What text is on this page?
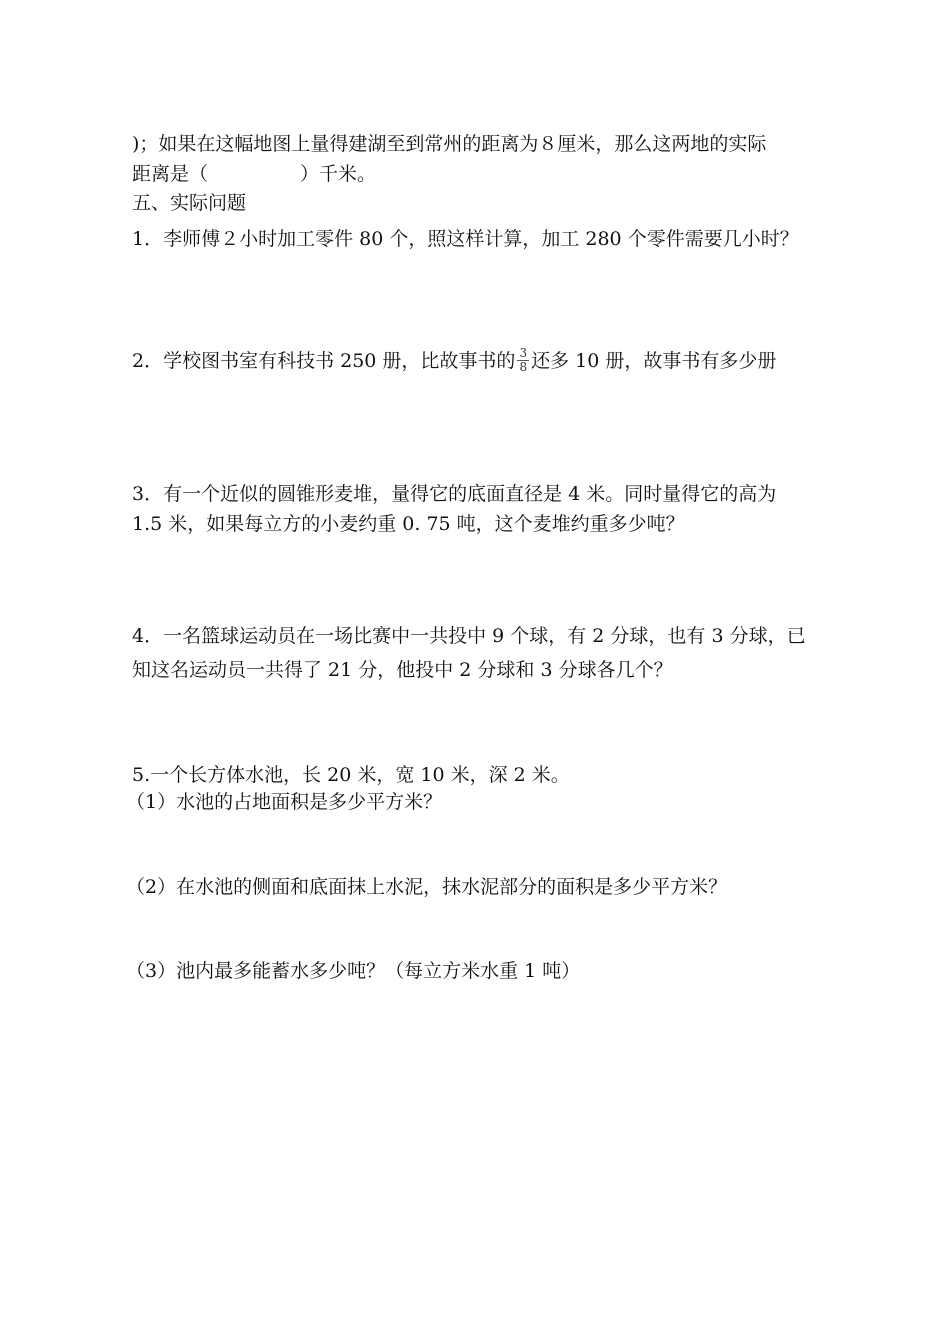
)；如果在这幅地图上量得建湖至到常州的距离为８厘米，那么这两地的实际
距离是（	）千米。
五、实际问题
1．李师傅２小时加工零件 80 个，照这样计算，加工 280 个零件需要几小时？
2．学校图书室有科技书 250 册，比故事书的 $\frac{3}{8}$ 还多 10 册，故事书有多少册
3．有一个近似的圆锥形麦堆，量得它的底面直径是 4 米。同时量得它的高为
1.5 米，如果每立方的小麦约重 0. 75 吨，这个麦堆约重多少吨？
4．一名篮球运动员在一场比赛中一共投中 9 个球，有 2 分球，也有 3 分球，已
知这名运动员一共得了 21 分，他投中 2 分球和 3 分球各几个？
5.一个长方体水池，长 20 米，宽 10 米，深 2 米。
（1）水池的占地面积是多少平方米？
（2）在水池的侧面和底面抹上水泥，抹水泥部分的面积是多少平方米？
（3）池内最多能蓄水多少吨？（每立方米水重 1 吨）
